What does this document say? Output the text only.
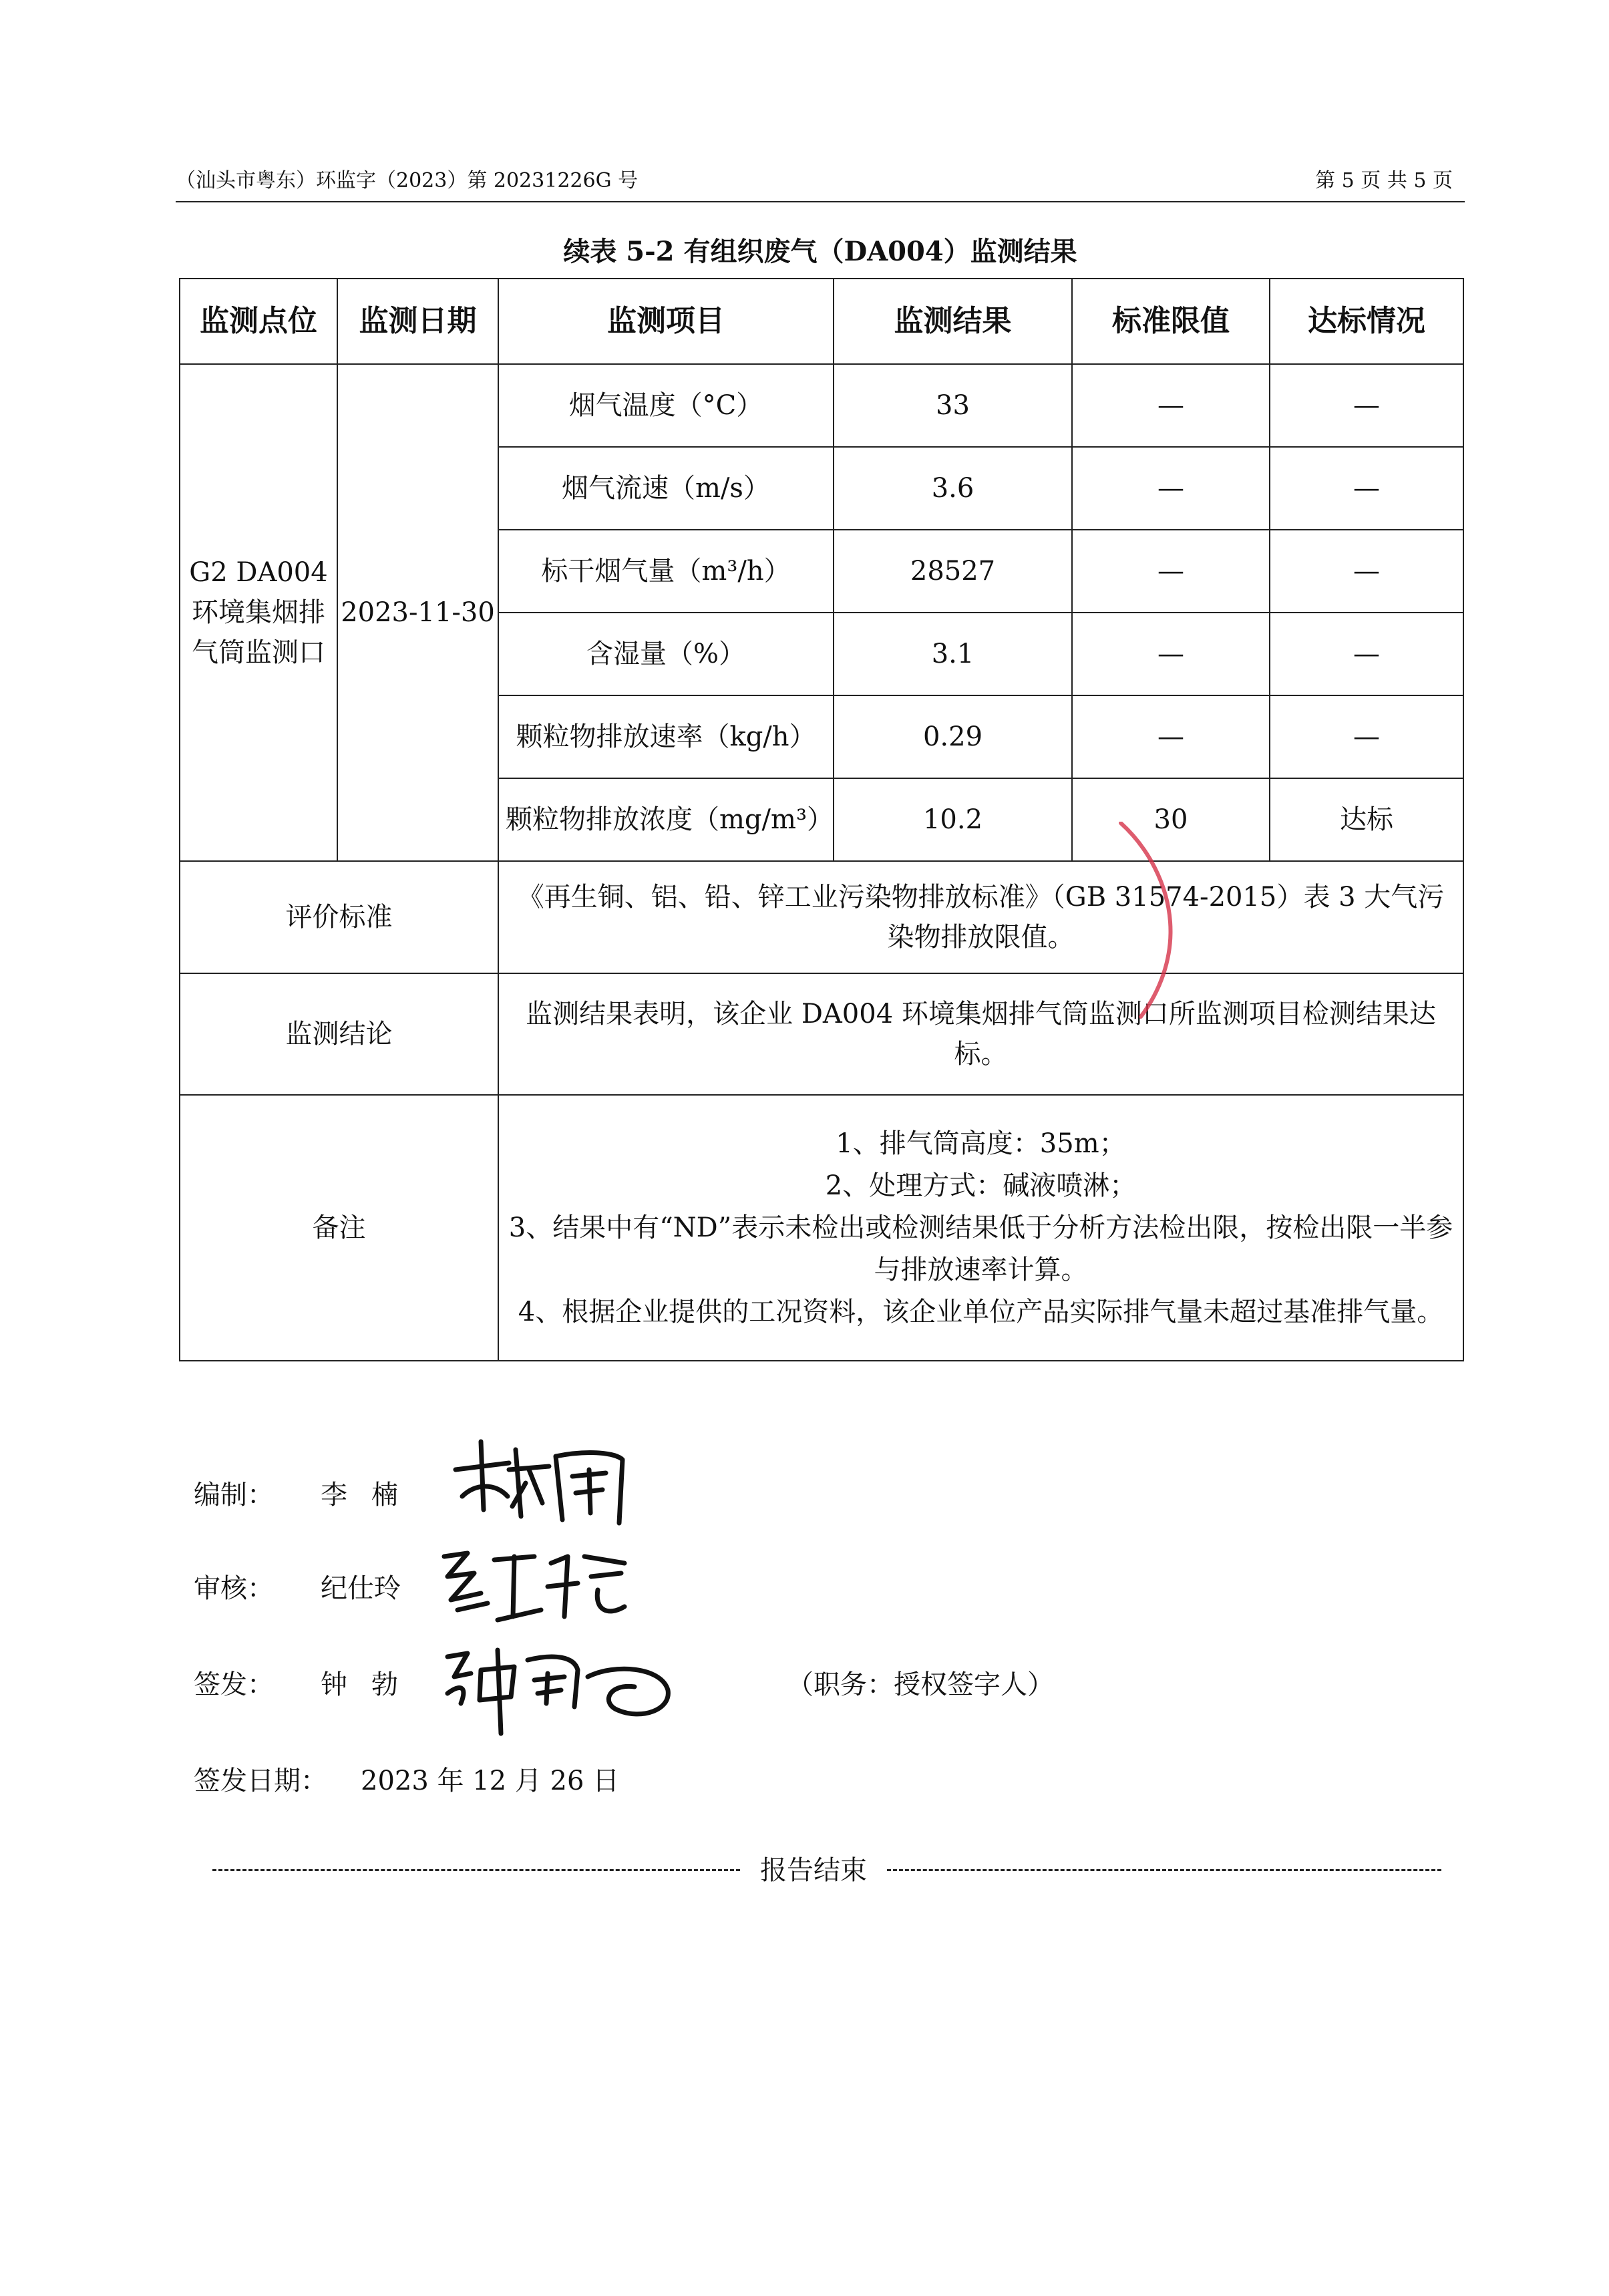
（汕头市粤东）环监字（2023）第 20231226G 号	第 5 页 共 5 页
续表 5-2 有组织废气（DA004）监测结果
监测点位	监测日期	监测项目	监测结果	标准限值	达标情况
G2 DA004 环境集烟排气筒监测口	2023-11-30	烟气温度（°C）	33	—	—
		烟气流速（m/s）	3.6	—	—
		标干烟气量（m³/h）	28527	—	—
		含湿量（%）	3.1	—	—
		颗粒物排放速率（kg/h）	0.29	—	—
		颗粒物排放浓度（mg/m³）	10.2	30	达标
评价标准		《再生铜、铝、铅、锌工业污染物排放标准》（GB 31574-2015）表 3 大气污染物排放限值。			
监测结论		监测结果表明，该企业 DA004 环境集烟排气筒监测口所监测项目检测结果达标。			
备注		1、排气筒高度：35m；
2、处理方式：碱液喷淋；
3、结果中有“ND”表示未检出或检测结果低于分析方法检出限，按检出限一半参与排放速率计算。
4、根据企业提供的工况资料，该企业单位产品实际排气量未超过基准排气量。			
编制： 李楠
审核： 纪仕玲
签发： 钟勃	（职务：授权签字人）
签发日期： 2023 年 12 月 26 日
报告结束
